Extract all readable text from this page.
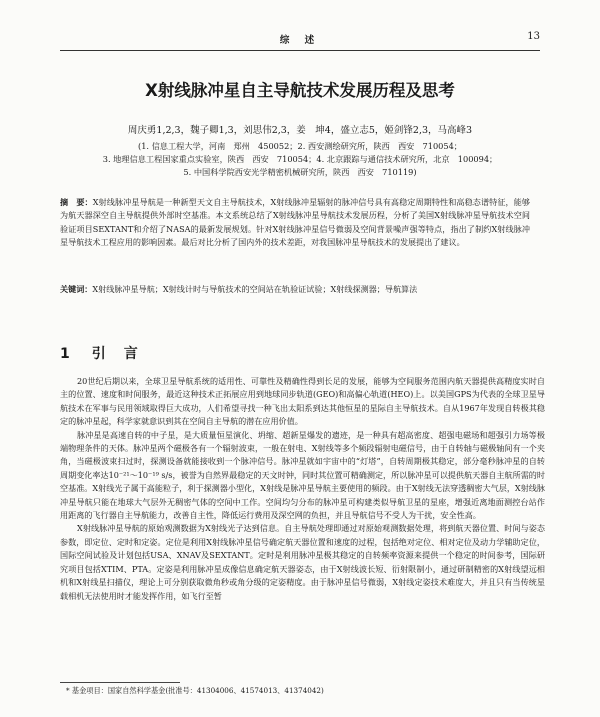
综 述	13
X射线脉冲星自主导航技术发展历程及思考
周庆勇1,2,3，魏子卿1,3，刘思伟2,3，姜　坤4，盛立志5，姬剑锋2,3，马高峰3
(1. 信息工程大学，河南　郑州　450052；2. 西安测绘研究所，陕西　西安　710054；
3. 地理信息工程国家重点实验室，陕西　西安　710054；4. 北京跟踪与通信技术研究所，北京　100094；
5. 中国科学院西安光学精密机械研究所，陕西　西安　710119)
摘　要：X射线脉冲星导航是一种新型天文自主导航技术，X射线脉冲星辐射的脉冲信号具有高稳定周期特性和高稳态谱特征，能够为航天器深空自主导航提供外部时空基准。本文系统总结了X射线脉冲星导航技术发展历程，分析了美国X射线脉冲星导航技术空间验证项目SEXTANT和介绍了NASA的最新发展规划。针对X射线脉冲星信号微弱及空间背景噪声强等特点，指出了制约X射线脉冲星导航技术工程应用的影响因素。最后对比分析了国内外的技术差距，对我国脉冲星导航技术的发展提出了建议。
关键词：X射线脉冲星导航；X射线计时与导航技术的空间站在轨验证试验；X射线探测器；导航算法
1 引　言

20世纪后期以来，全球卫星导航系统的适用性、可靠性及精确性得到长足的发展，能够为空间服务范围内航天器提供高精度实时自主的位置、速度和时间服务，最近这种技术正拓展应用到地球同步轨道(GEO)和高偏心轨道(HEO)上。以美国GPS为代表的全球卫星导航技术在军事与民用领域取得巨大成功，人们希望寻找一种飞出太阳系到达其他恒星的星际自主导航技术。自从1967年发现自转极其稳定的脉冲星起，科学家就意识到其在空间自主导航的潜在应用价值。

脉冲星是高速自转的中子星，是大质量恒星演化、坍缩、超新星爆发的遗迹，是一种具有超高密度、超强电磁场和超强引力场等极端物理条件的天体。脉冲星两个磁极各有一个辐射波束，一般在射电、X射线等多个频段辐射电磁信号，由于自转轴与磁极轴间有一个夹角，当磁极波束扫过时，探测设备就能接收到一个脉冲信号。脉冲星就如宇宙中的“灯塔”，自转周期极其稳定，部分毫秒脉冲星的自转周期变化率达10⁻²¹～10⁻¹⁹ s/s，被誉为自然界最稳定的天文时钟，同时其位置可精确测定，所以脉冲星可以提供航天器自主航所需的时空基准。X射线光子属于高能粒子，利于探测器小型化，X射线是脉冲星导航主要使用的频段。由于X射线无法穿透稠密大气层，X射线脉冲星导航只能在地球大气层外无稠密气体的空间中工作。空间均匀分布的脉冲星可构建类似导航卫星的星座，增强近离地面测控台站作用距离的飞行器自主导航能力，改善自主性，降低运行费用及深空网的负担，并且导航信号不受人为干扰，安全性高。

X射线脉冲星导航的原始观测数据为X射线光子达到信息。自主导航处理即通过对原始观测数据处理，将到航天器位置、时间与姿态参数，即定位、定时和定姿。定位是利用X射线脉冲星信号确定航天器位置和速度的过程，包括绝对定位、相对定位及动力学辅助定位，国际空间试验及计划包括USA、XNAV及SEXTANT。定时是利用脉冲星极其稳定的自转频率资源来提供一个稳定的时间参考，国际研究项目包括XTIM、PTA。定姿是利用脉冲星成像信息确定航天器姿态，由于X射线波长短、衍射限制小，通过研制精密的X射线望远相机和X射线星扫描仪，理论上可分别获取微角秒或角分级的定姿精度。由于脉冲星信号微弱，X射线定姿技术难度大，并且只有当传统星载相机无法使用时才能发挥作用，如飞行至暂

* 基金项目：国家自然科学基金(批准号：41304006、41574013、41374042)
